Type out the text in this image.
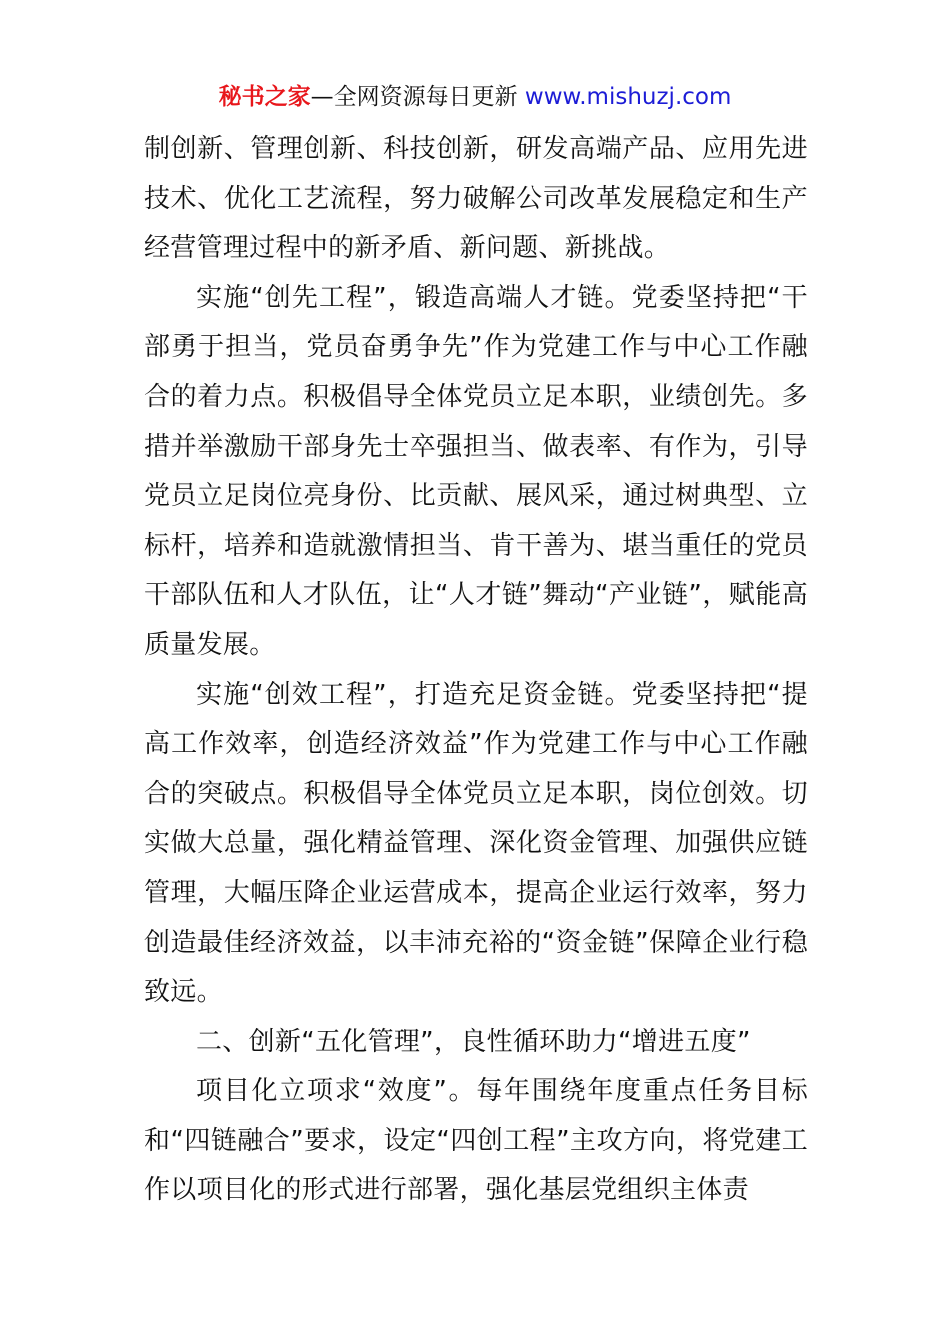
秘书之家—全网资源每日更新 www.mishuzj.com

制创新、管理创新、科技创新，研发高端产品、应用先进技术、优化工艺流程，努力破解公司改革发展稳定和生产经营管理过程中的新矛盾、新问题、新挑战。

实施“创先工程”，锻造高端人才链。党委坚持把“干部勇于担当，党员奋勇争先”作为党建工作与中心工作融合的着力点。积极倡导全体党员立足本职，业绩创先。多措并举激励干部身先士卒强担当、做表率、有作为，引导党员立足岗位亮身份、比贡献、展风采，通过树典型、立标杆，培养和造就激情担当、肯干善为、堪当重任的党员干部队伍和人才队伍，让“人才链”舞动“产业链”，赋能高质量发展。

实施“创效工程”，打造充足资金链。党委坚持把“提高工作效率，创造经济效益”作为党建工作与中心工作融合的突破点。积极倡导全体党员立足本职，岗位创效。切实做大总量，强化精益管理、深化资金管理、加强供应链管理，大幅压降企业运营成本，提高企业运行效率，努力创造最佳经济效益，以丰沛充裕的“资金链”保障企业行稳致远。

二、创新“五化管理”，良性循环助力“增进五度”

项目化立项求“效度”。每年围绕年度重点任务目标和“四链融合”要求，设定“四创工程”主攻方向，将党建工作以项目化的形式进行部署，强化基层党组织主体责
